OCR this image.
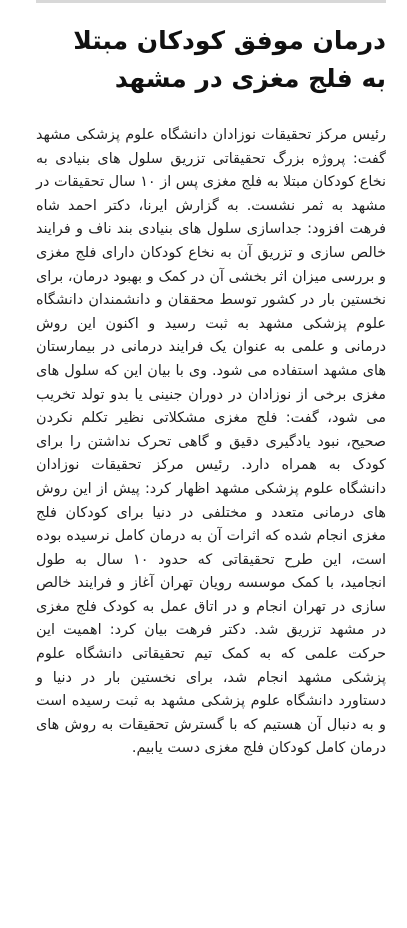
درمان موفق کودکان مبتلا
به فلج مغزی در مشهد

رئیس مرکز تحقیقات نوزادان دانشگاه علوم پزشکی مشهد گفت: پروژه بزرگ تحقیقاتی تزریق سلول های بنیادی به نخاع کودکان مبتلا به فلج مغزی پس از ۱۰ سال تحقیقات در مشهد به ثمر نشست. به گزارش ایرنا، دکتر احمد شاه فرهت افزود: جداسازی سلول های بنیادی بند ناف و فرایند خالص سازی و تزریق آن به نخاع کودکان دارای فلج مغزی و بررسی میزان اثر بخشی آن در کمک و بهبود درمان، برای نخستین بار در کشور توسط محققان و دانشمندان دانشگاه علوم پزشکی مشهد به ثبت رسید و اکنون این روش درمانی و علمی به عنوان یک فرایند درمانی در بیمارستان های مشهد استفاده می شود. وی با بیان این که سلول های مغزی برخی از نوزادان در دوران جنینی یا بدو تولد تخریب می شود، گفت: فلج مغزی مشکلاتی نظیر تکلم نکردن صحیح، نبود یادگیری دقیق و گاهی تحرک نداشتن را برای کودک به همراه دارد. رئیس مرکز تحقیقات نوزادان دانشگاه علوم پزشکی مشهد اظهار کرد: پیش از این روش های درمانی متعدد و مختلفی در دنیا برای کودکان فلج مغزی انجام شده که اثرات آن به درمان کامل نرسیده بوده است، این طرح تحقیقاتی که حدود ۱۰ سال به طول انجامید، با کمک موسسه رویان تهران آغاز و فرایند خالص سازی در تهران انجام و در اتاق عمل به کودک فلج مغزی در مشهد تزریق شد. دکتر فرهت بیان کرد: اهمیت این حرکت علمی که به کمک تیم تحقیقاتی دانشگاه علوم پزشکی مشهد انجام شد، برای نخستین بار در دنیا و دستاورد دانشگاه علوم پزشکی مشهد به ثبت رسیده است و به دنبال آن هستیم که با گسترش تحقیقات به روش های درمان کامل کودکان فلج مغزی دست یابیم.
